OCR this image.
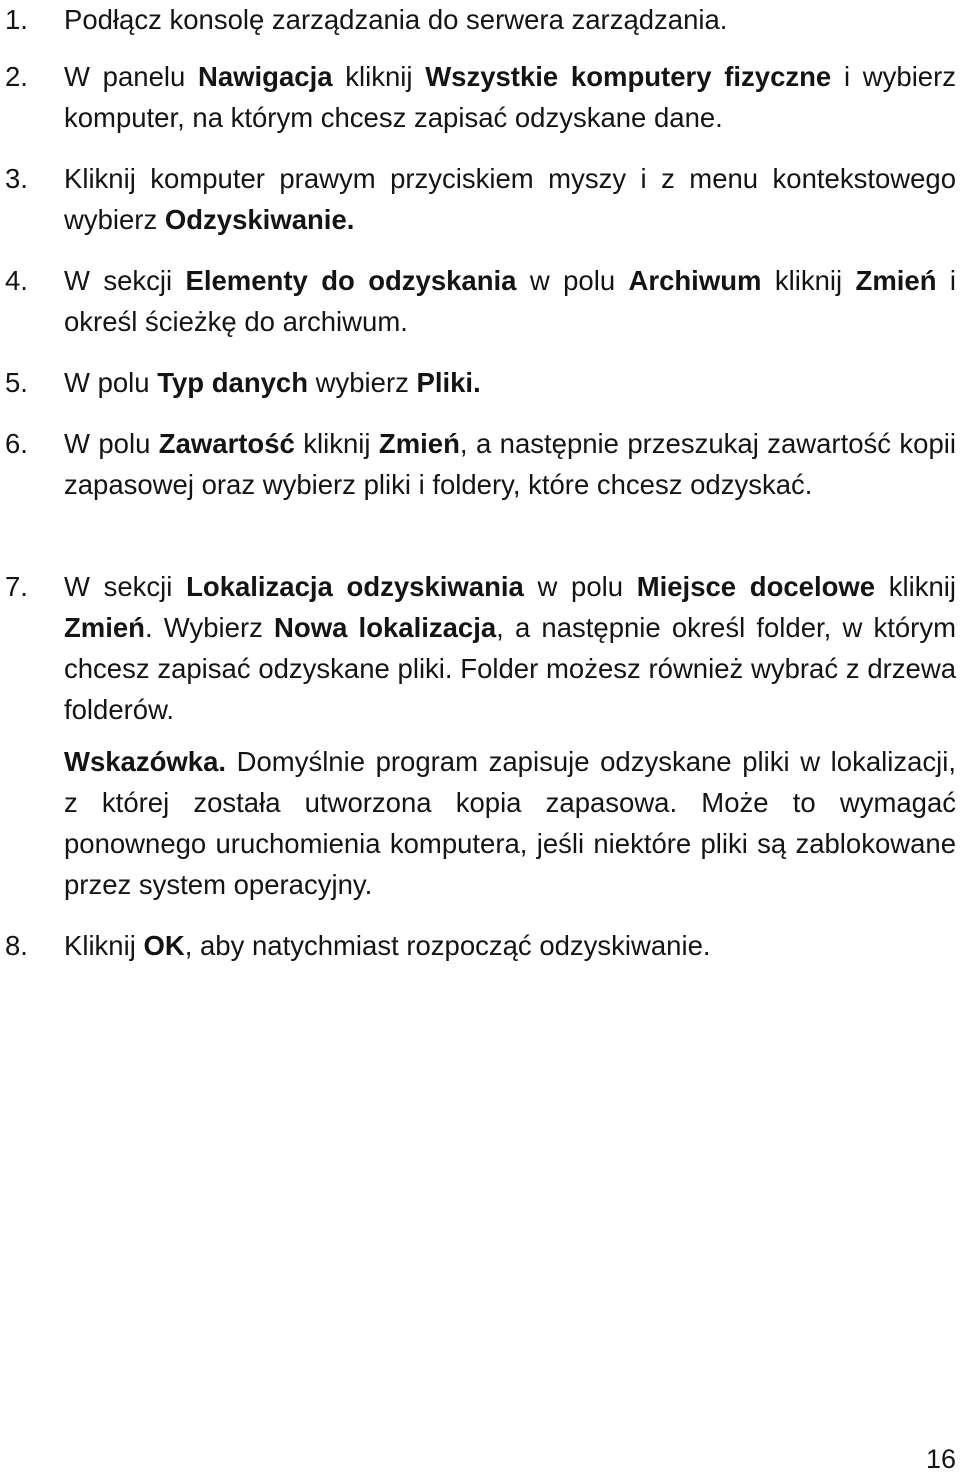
1. Podłącz konsolę zarządzania do serwera zarządzania.
2. W panelu Nawigacja kliknij Wszystkie komputery fizyczne i wybierz komputer, na którym chcesz zapisać odzyskane dane.
3. Kliknij komputer prawym przyciskiem myszy i z menu kontekstowego wybierz Odzyskiwanie.
4. W sekcji Elementy do odzyskania w polu Archiwum kliknij Zmień i określ ścieżkę do archiwum.
5. W polu Typ danych wybierz Pliki.
6. W polu Zawartość kliknij Zmień, a następnie przeszukaj zawartość kopii zapasowej oraz wybierz pliki i foldery, które chcesz odzyskać.
7. W sekcji Lokalizacja odzyskiwania w polu Miejsce docelowe kliknij Zmień. Wybierz Nowa lokalizacja, a następnie określ folder, w którym chcesz zapisać odzyskane pliki. Folder możesz również wybrać z drzewa folderów.
Wskazówka. Domyślnie program zapisuje odzyskane pliki w lokalizacji, z której została utworzona kopia zapasowa. Może to wymagać ponownego uruchomienia komputera, jeśli niektóre pliki są zablokowane przez system operacyjny.
8. Kliknij OK, aby natychmiast rozpocząć odzyskiwanie.
16
